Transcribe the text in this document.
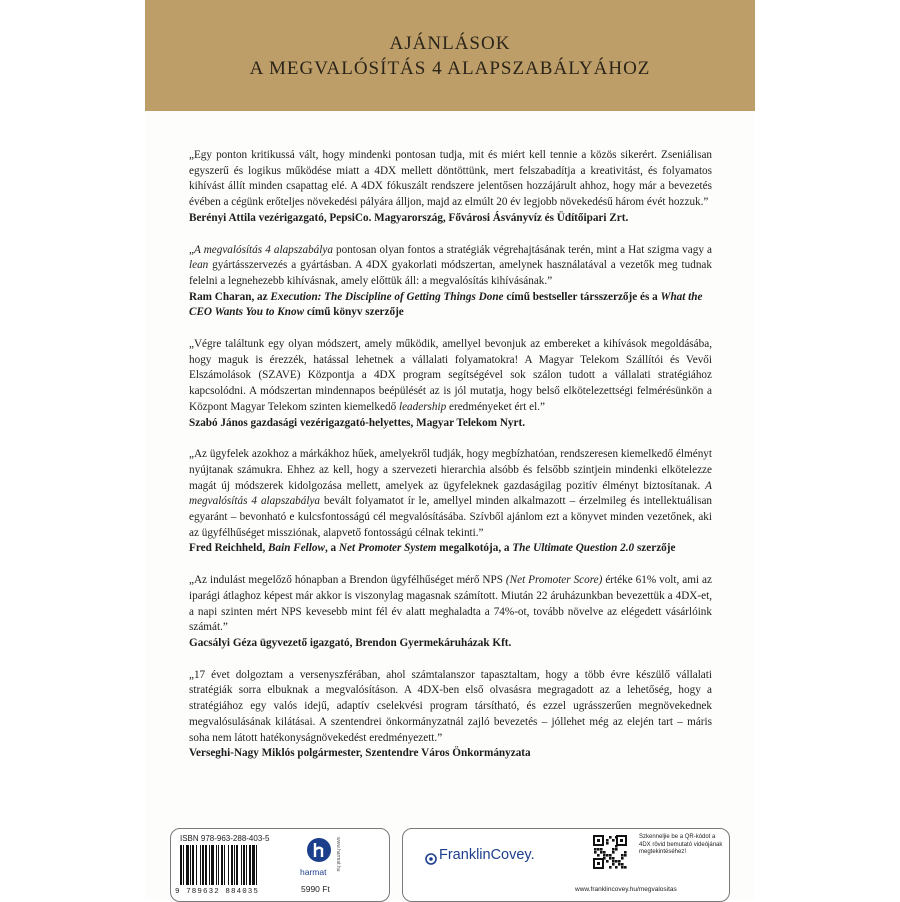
AJÁNLÁSOK
A MEGVALÓSÍTÁS 4 ALAPSZABÁLYÁHOZ
„Egy ponton kritikussá vált, hogy mindenki pontosan tudja, mit és miért kell tennie a közös sikerért. Zseniálisan egyszerű és logikus működése miatt a 4DX mellett döntöttünk, mert felszabadítja a kreativitást, és folyamatos kihívást állít minden csapattag elé. A 4DX fókuszált rendszere jelentősen hozzájárult ahhoz, hogy már a bevezetés évében a cégünk erőteljes növekedési pályára álljon, majd az elmúlt 20 év legjobb növekedésű három évét hozzuk.”
Berényi Attila vezérigazgató, PepsiCo. Magyarország, Fővárosi Ásványvíz és Üdítőipari Zrt.
„A megvalósítás 4 alapszabálya pontosan olyan fontos a stratégiák végrehajtásának terén, mint a Hat szigma vagy a lean gyártásszervezés a gyártásban. A 4DX gyakorlati módszertan, amelynek használatával a vezetők meg tudnak felelni a legnehezebb kihívásnak, amely előttük áll: a megvalósítás kihívásának.”
Ram Charan, az Execution: The Discipline of Getting Things Done című bestseller társszerzője és a What the CEO Wants You to Know című könyv szerzője
„Végre találtunk egy olyan módszert, amely működik, amellyel bevonjuk az embereket a kihívások megoldásába, hogy maguk is érezzék, hatással lehetnek a vállalati folyamatokra! A Magyar Telekom Szállítói és Vevői Elszámolások (SZAVE) Központja a 4DX program segítségével sok szálon tudott a vállalati stratégiához kapcsolódni. A módszertan mindennapos beépülését az is jól mutatja, hogy belső elkötelezettségi felmérésünkön a Központ Magyar Telekom szinten kiemelkedő leadership eredményeket ért el.”
Szabó János gazdasági vezérigazgató-helyettes, Magyar Telekom Nyrt.
„Az ügyfelek azokhoz a márkákhoz hűek, amelyekről tudják, hogy megbízhatóan, rendszeresen kiemelkedő élményt nyújtanak számukra. Ehhez az kell, hogy a szervezeti hierarchia alsóbb és felsőbb szintjein mindenki elkötelezze magát új módszerek kidolgozása mellett, amelyek az ügyfeleknek gazdaságilag pozitív élményt biztosítanak. A megvalósítás 4 alapszabálya bevált folyamatot ír le, amellyel minden alkalmazott – érzelmileg és intellektuálisan egyaránt – bevonható e kulcsfontosságú cél megvalósításába. Szívből ajánlom ezt a könyvet minden vezetőnek, aki az ügyfélhűséget missziónak, alapvető fontosságú célnak tekinti.”
Fred Reichheld, Bain Fellow, a Net Promoter System megalkotója, a The Ultimate Question 2.0 szerzője
„Az indulást megelőző hónapban a Brendon ügyfélhűséget mérő NPS (Net Promoter Score) értéke 61% volt, ami az iparági átlaghoz képest már akkor is viszonylag magasnak számított. Miután 22 áruházunkban bevezettük a 4DX-et, a napi szinten mért NPS kevesebb mint fél év alatt meghaladta a 74%-ot, tovább növelve az elégedett vásárlóink számát.”
Gacsályi Géza ügyvezető igazgató, Brendon Gyermekáruházak Kft.
„17 évet dolgoztam a versenyszférában, ahol számtalanszor tapasztaltam, hogy a több évre készülő vállalati stratégiák sorra elbuknak a megvalósításon. A 4DX-ben első olvasásra megragadott az a lehetőség, hogy a stratégiához egy valós idejű, adaptív cselekvési program társítható, és ezzel ugrásszerűen megnövekednek megvalósulásának kilátásai. A szentendrei önkormányzatnál zajló bevezetés – jóllehet még az elején tart – máris soha nem látott hatékonyságnövekedést eredményezett.”
Verseghi-Nagy Miklós polgármester, Szentendre Város Önkormányzata
ISBN 978-963-288-403-5
9 789632 884035
harmat
www.harmat.hu
5990 Ft
FranklinCovey.
Szkenneljie be a QR-kódot a 4DX rövid bemutató videójának megtekintéséhez!
www.franklincovey.hu/megvalositas
